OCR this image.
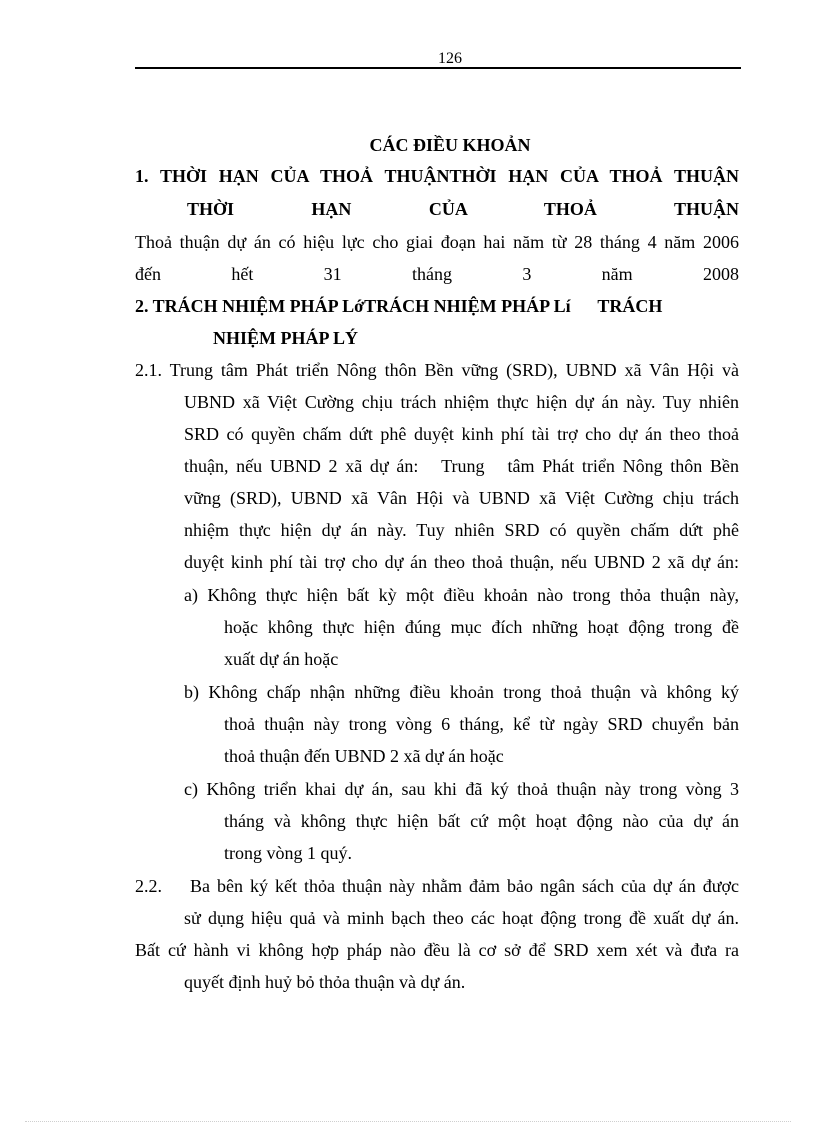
126
CÁC ĐIỀU KHOẢN
1. THỜI HẠN CỦA THOẢ THUẬNTHỜI HẠN CỦA THOẢ THUẬN
THỜI HẠN CỦA THOẢ THUẬN
Thoả thuận dự án có hiệu lực cho giai đoạn hai năm từ 28 tháng 4 năm 2006
đến hết 31 tháng 3 năm 2008
2. TRÁCH NHIỆM PHÁP LớTRÁCH NHIỆM PHÁP Lí      TRÁCH
NHIỆM PHÁP LÝ
2.1. Trung tâm Phát triển Nông thôn Bền vững (SRD), UBND xã Vân Hội và
UBND xã Việt Cường chịu trách nhiệm thực hiện dự án này. Tuy nhiên
SRD có quyền chấm dứt phê duyệt kinh phí tài trợ cho dự án theo thoả
thuận, nếu UBND 2 xã dự án:   Trung   tâm Phát triển Nông thôn Bền
vững (SRD), UBND xã Vân Hội và UBND xã Việt Cường chịu trách
nhiệm thực hiện dự án này. Tuy nhiên SRD có quyền chấm dứt phê
duyệt kinh phí tài trợ cho dự án theo thoả thuận, nếu UBND 2 xã dự án:
a) Không thực hiện bất kỳ một điều khoản nào trong thỏa thuận này,
hoặc không thực hiện đúng mục đích những hoạt động trong đề
xuất dự án hoặc
b) Không chấp nhận những điều khoản trong thoả thuận và không ký
thoả thuận này trong vòng 6 tháng, kể từ ngày SRD chuyển bản
thoả thuận đến UBND 2 xã dự án hoặc
c) Không triển khai dự án, sau khi đã ký thoả thuận này trong vòng 3
tháng và không thực hiện bất cứ một hoạt động nào của dự án
trong vòng 1 quý.
2.2.    Ba bên ký kết thỏa thuận này nhằm đảm bảo ngân sách của dự án được
sử dụng hiệu quả và minh bạch theo các hoạt động trong đề xuất dự án.
Bất cứ hành vi không hợp pháp nào đều là cơ sở để SRD xem xét và đưa ra
quyết định huỷ bỏ thỏa thuận và dự án.
